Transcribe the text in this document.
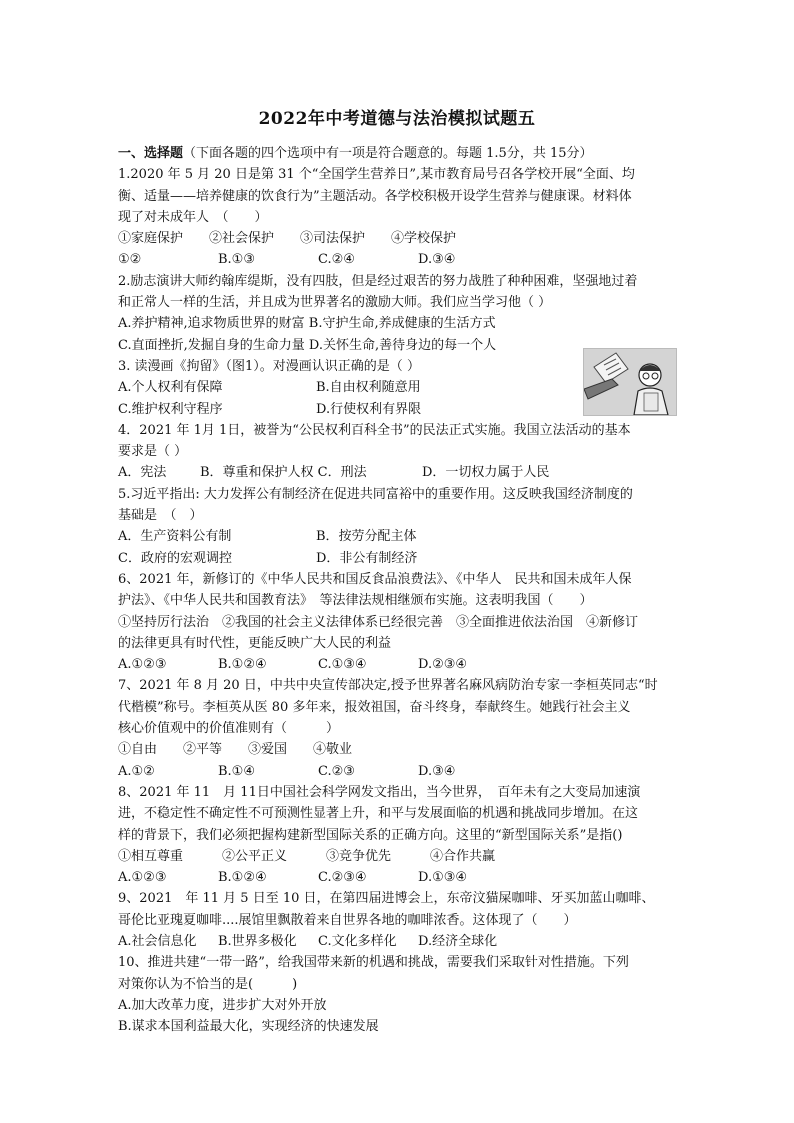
2022年中考道德与法治模拟试题五
一、选择题（下面各题的四个选项中有一项是符合题意的。每题 1.5分，共 15分）
1.2020 年 5 月 20 日是第 31 个“全国学生营养日”,某市教育局号召各学校开展“全面、均
衡、适量——培养健康的饮食行为”主题活动。各学校积极开设学生营养与健康课。材料体
现了对未成年人　（　　）
①家庭保护　　②社会保护　　③司法保护　　④学校保护
①②	B.①③	C.②④	D.③④
2.励志演讲大师约翰库缇斯，没有四肢，但是经过艰苦的努力战胜了种种困难，坚强地过着
和正常人一样的生活，并且成为世界著名的激励大师。我们应当学习他（ ）
A.养护精神,追求物质世界的财富 B.守护生命,养成健康的生活方式
C.直面挫折,发掘自身的生命力量 D.关怀生命,善待身边的每一个人
3. 读漫画《拘留》（图1）。对漫画认识正确的是（ ）
A.个人权利有保障	B.自由权利随意用
C.维护权利守程序	D.行使权利有界限
4．2021 年 1月 1日，被誉为“公民权利百科全书”的民法正式实施。我国立法活动的基本
要求是（ ）
A．宪法	B．尊重和保护人权 C．刑法	D．一切权力属于人民
5.习近平指出: 大力发挥公有制经济在促进共同富裕中的重要作用。这反映我国经济制度的
基础是　（　）
A．生产资料公有制	B．按劳分配主体
C．政府的宏观调控	D．非公有制经济
6、2021 年，新修订的《中华人民共和国反食品浪费法》、《中华人　民共和国未成年人保
护法》、《中华人民共和国教育法》　等法律法规相继颁布实施。这表明我国（　　）
①坚持厉行法治　②我国的社会主义法律体系已经很完善　③全面推进依法治国　④新修订
的法律更具有时代性，更能反映广大人民的利益
A.①②③	B.①②④	C.①③④	D.②③④
7、2021 年 8 月 20 日，中共中央宣传部决定,授予世界著名麻风病防治专家一李桓英同志“时
代楷模”称号。李桓英从医 80 多年来，报效祖国，奋斗终身，奉献终生。她践行社会主义
核心价值观中的价值准则有（　　　）
①自由　　②平等　　③爱国　　④敬业
A.①②	B.①④	C.②③	D.③④
8、2021 年 11　月 11日中国社会科学网发文指出，当今世界，　百年未有之大变局加速演
进，不稳定性不确定性不可预测性显著上升，和平与发展面临的机遇和挑战同步增加。在这
样的背景下，我们必须把握构建新型国际关系的正确方向。这里的“新型国际关系”是指()
①相互尊重　　　②公平正义　　　③竞争优先　　　④合作共赢
A.①②③	B.①②④	C.②③④	D.①③④
9、2021　年 11 月 5 日至 10 日，在第四届进博会上，东帝汶猫屎咖啡、牙买加蓝山咖啡、
哥伦比亚瑰夏咖啡....展馆里飘散着来自世界各地的咖啡浓香。这体现了（　　）
A.社会信息化 B.世界多极化 C.文化多样化 D.经济全球化
10、推进共建“一带一路”，给我国带来新的机遇和挑战，需要我们采取针对性措施。下列
对策你认为不恰当的是(　　　)
A.加大改革力度，进步扩大对外开放
B.谋求本国利益最大化，实现经济的快速发展
